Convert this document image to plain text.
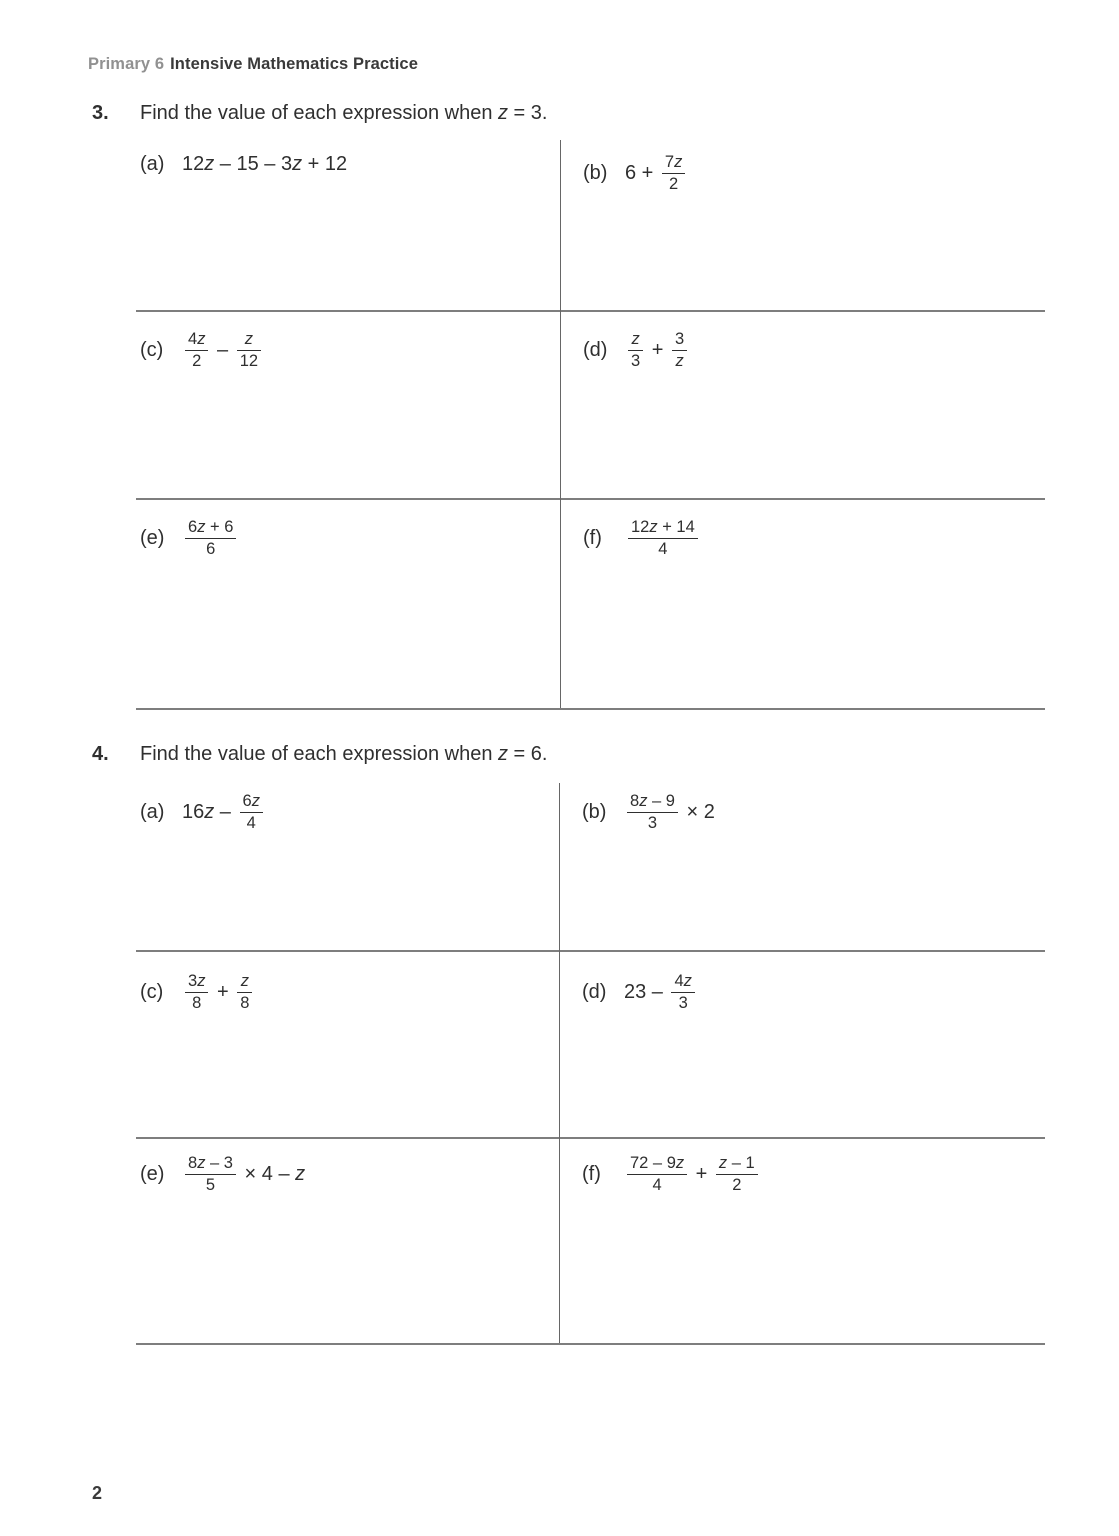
Primary 6 Intensive Mathematics Practice
3. Find the value of each expression when z = 3.
(a) 12z – 15 – 3z + 12	(b) $6 + \frac{7z}{2}$
$(c) \frac{4z}{2} - \frac{z}{12}$	$(d) \frac{z}{3} + \frac{3}{z}$
$(e) \frac{6z + 6}{6}$	$(f) \frac{12z + 14}{4}$
4. Find the value of each expression when z = 6.
(a) $16z - \frac{6z}{4}$	$(b) \frac{8z - 9}{3} \times 2$
$(c) \frac{3z}{8} + \frac{z}{8}$	(d) $23 - \frac{4z}{3}$
$(e) \frac{8z - 3}{5} \times 4 - z$	$(f) \frac{72 - 9z}{4} + \frac{z - 1}{2}$
2
